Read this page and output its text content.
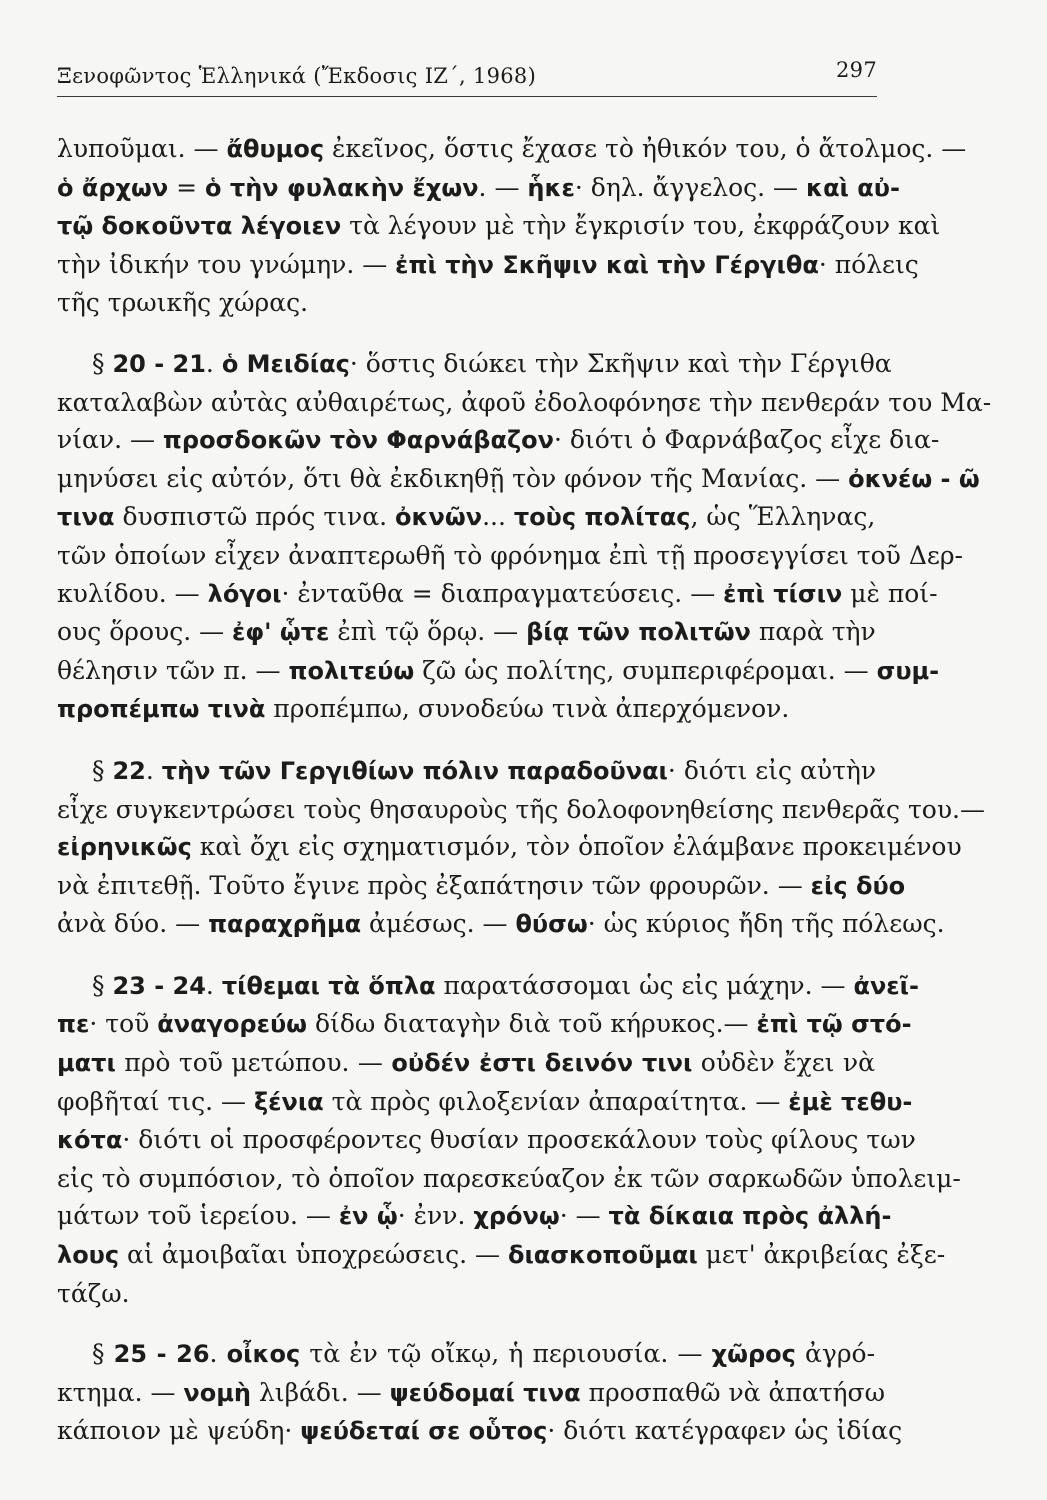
Ξενοφῶντος Ἑλληνικά (Ἔκδοσις ΙΖ΄, 1968)	297
λυποῦμαι. — ἄθυμος ἐκεῖνος, ὅστις ἔχασε τὸ ἠθικόν του, ὁ ἄτολμος. —
ὁ ἄρχων = ὁ τὴν φυλακὴν ἔχων. — ἧκε· δηλ. ἄγγελος. — καὶ αὐ-
τῷ δοκοῦντα λέγοιεν τὰ λέγουν μὲ τὴν ἔγκρισίν του, ἐκφράζουν καὶ
τὴν ἰδικήν του γνώμην. — ἐπὶ τὴν Σκῆψιν καὶ τὴν Γέργιθα· πόλεις
τῆς τρωικῆς χώρας.
§ 20 - 21. ὁ Μειδίας· ὅστις διώκει τὴν Σκῆψιν καὶ τὴν Γέργιθα
καταλαβὼν αὐτὰς αὐθαιρέτως, ἀφοῦ ἐδολοφόνησε τὴν πενθεράν του Μα-
νίαν. — προσδοκῶν τὸν Φαρνάβαζον· διότι ὁ Φαρνάβαζος εἶχε δια-
μηνύσει εἰς αὐτόν, ὅτι θὰ ἐκδικηθῇ τὸν φόνον τῆς Μανίας. — ὀκνέω - ῶ
τινα δυσπιστῶ πρός τινα. ὀκνῶν... τοὺς πολίτας, ὡς Ἕλληνας,
τῶν ὁποίων εἶχεν ἀναπτερωθῆ τὸ φρόνημα ἐπὶ τῇ προσεγγίσει τοῦ Δερ-
κυλίδου. — λόγοι· ἐνταῦθα = διαπραγματεύσεις. — ἐπὶ τίσιν μὲ ποί-
ους ὅρους. — ἐφ' ᾧτε ἐπὶ τῷ ὅρῳ. — βίᾳ τῶν πολιτῶν παρὰ τὴν
θέλησιν τῶν π. — πολιτεύω ζῶ ὡς πολίτης, συμπεριφέρομαι. — συμ-
προπέμπω τινὰ προπέμπω, συνοδεύω τινὰ ἀπερχόμενον.
§ 22. τὴν τῶν Γεργιθίων πόλιν παραδοῦναι· διότι εἰς αὐτὴν
εἶχε συγκεντρώσει τοὺς θησαυροὺς τῆς δολοφονηθείσης πενθερᾶς του.—
εἰρηνικῶς καὶ ὄχι εἰς σχηματισμόν, τὸν ὁποῖον ἐλάμβανε προκειμένου
νὰ ἐπιτεθῇ. Τοῦτο ἔγινε πρὸς ἐξαπάτησιν τῶν φρουρῶν. — εἰς δύο
ἀνὰ δύο. — παραχρῆμα ἀμέσως. — θύσω· ὡς κύριος ἤδη τῆς πόλεως.
§ 23 - 24. τίθεμαι τὰ ὅπλα παρατάσσομαι ὡς εἰς μάχην. — ἀνεῖ-
πε· τοῦ ἀναγορεύω δίδω διαταγὴν διὰ τοῦ κήρυκος.— ἐπὶ τῷ στό-
ματι πρὸ τοῦ μετώπου. — οὐδέν ἐστι δεινόν τινι οὐδὲν ἔχει νὰ
φοβῆταί τις. — ξένια τὰ πρὸς φιλοξενίαν ἀπαραίτητα. — ἐμὲ τεθυ-
κότα· διότι οἱ προσφέροντες θυσίαν προσεκάλουν τοὺς φίλους των
εἰς τὸ συμπόσιον, τὸ ὁποῖον παρεσκεύαζον ἐκ τῶν σαρκωδῶν ὑπολειμ-
μάτων τοῦ ἱερείου. — ἐν ᾧ· ἐνν. χρόνῳ· — τὰ δίκαια πρὸς ἀλλή-
λους αἱ ἀμοιβαῖαι ὑποχρεώσεις. — διασκοποῦμαι μετ' ἀκριβείας ἐξε-
τάζω.
§ 25 - 26. οἶκος τὰ ἐν τῷ οἴκῳ, ἡ περιουσία. — χῶρος ἀγρό-
κτημα. — νομὴ λιβάδι. — ψεύδομαί τινα προσπαθῶ νὰ ἀπατήσω
κάποιον μὲ ψεύδη· ψεύδεταί σε οὗτος· διότι κατέγραφεν ὡς ἰδίας
